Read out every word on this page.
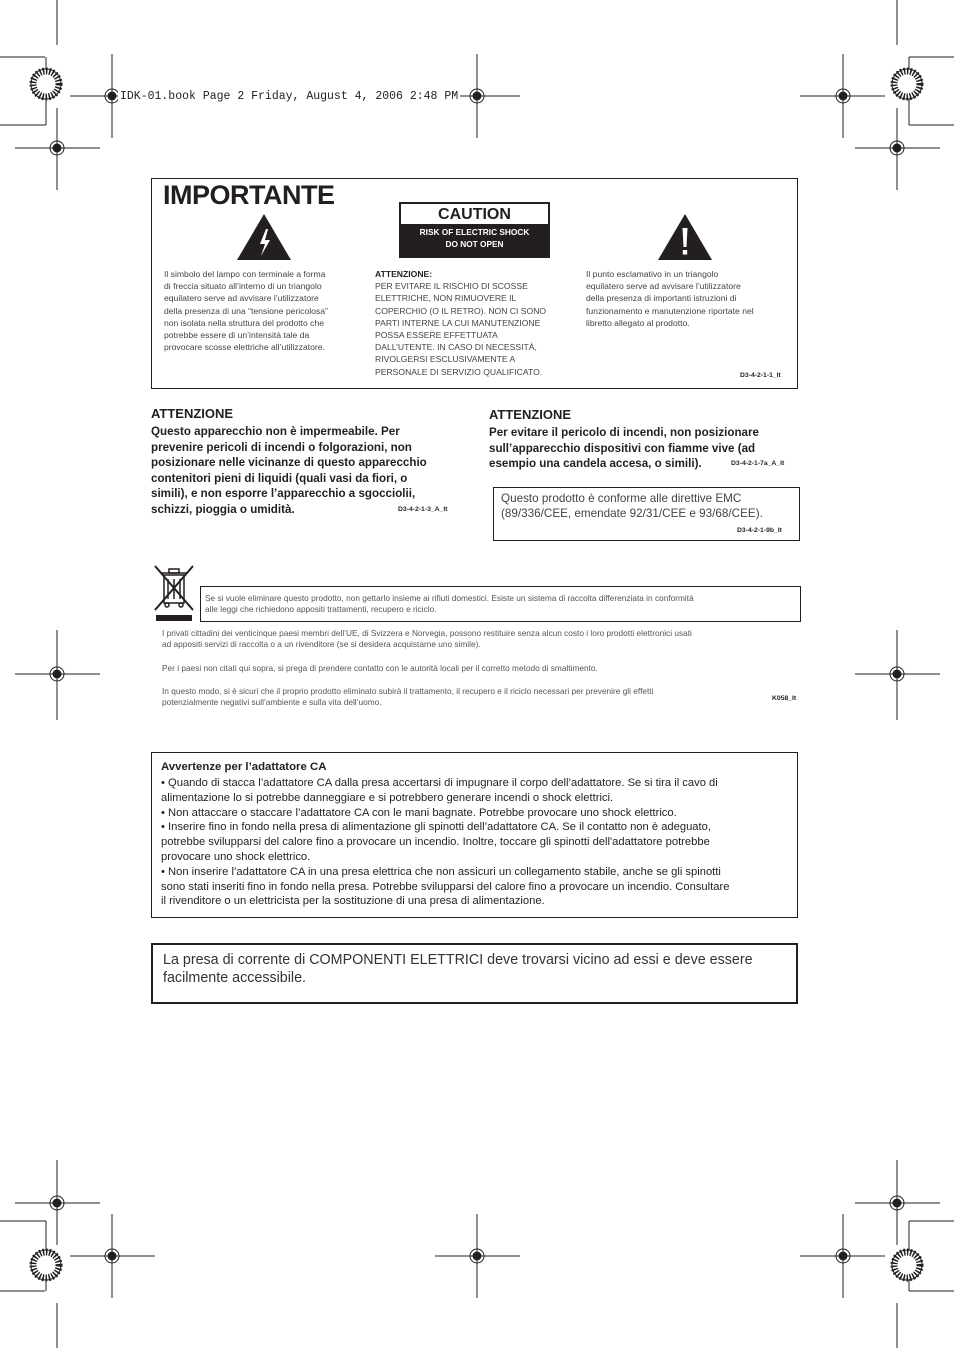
IDK-01.book Page 2 Friday, August 4, 2006 2:48 PM
IMPORTANTE
CAUTION
RISK OF ELECTRIC SHOCK
DO NOT OPEN
Il simbolo del lampo con terminale a forma
di freccia situato all’interno di un triangolo
equilatero serve ad avvisare l’utilizzatore
della presenza di una “tensione pericolosa”
non isolata nella struttura del prodotto che
potrebbe essere di un’intensità tale da
provocare scosse elettriche all’utilizzatore.
ATTENZIONE:
PER EVITARE IL RISCHIO DI SCOSSE
ELETTRICHE, NON RIMUOVERE IL
COPERCHIO (O IL RETRO). NON CI SONO
PARTI INTERNE LA CUI MANUTENZIONE
POSSA ESSERE EFFETTUATA
DALL’UTENTE. IN CASO DI NECESSITÀ,
RIVOLGERSI ESCLUSIVAMENTE A
PERSONALE DI SERVIZIO QUALIFICATO.
Il punto esclamativo in un triangolo
equilatero serve ad avvisare l’utilizzatore
della presenza di importanti istruzioni di
funzionamento e manutenzione riportate nel
libretto allegato al prodotto.
D3-4-2-1-1_It
ATTENZIONE
Questo apparecchio non è impermeabile. Per
prevenire pericoli di incendi o folgorazioni, non
posizionare nelle vicinanze di questo apparecchio
contenitori pieni di liquidi (quali vasi da fiori, o
simili), e non esporre l’apparecchio a sgocciolii,
schizzi, pioggia o umidità.	D3-4-2-1-3_A_It
ATTENZIONE
Per evitare il pericolo di incendi, non posizionare
sull’apparecchio dispositivi con fiamme vive (ad
esempio una candela accesa, o simili).	D3-4-2-1-7a_A_It
Questo prodotto è conforme alle direttive EMC
(89/336/CEE, emendate 92/31/CEE e 93/68/CEE).
D3-4-2-1-9b_It
Se si vuole eliminare questo prodotto, non gettarlo insieme ai rifiuti domestici. Esiste un sistema di raccolta differenziata in conformità
alle leggi che richiedono appositi trattamenti, recupero e riciclo.
I privati cittadini dei venticinque paesi membri dell’UE, di Svizzera e Norvegia, possono restituire senza alcun costo i loro prodotti elettronici usati
ad appositi servizi di raccolta o a un rivenditore (se si desidera acquistarne uno simile).
Per i paesi non citati qui sopra, si prega di prendere contatto con le autorità locali per il corretto metodo di smaltimento.
In questo modo, si è sicuri che il proprio prodotto eliminato subirà il trattamento, il recupero e il riciclo necessari per prevenire gli effetti
potenzialmente negativi sull’ambiente e sulla vita dell’uomo.	K058_It
Avvertenze per l’adattatore CA
• Quando di stacca l’adattatore CA dalla presa accertarsi di impugnare il corpo dell’adattatore. Se si tira il cavo di
alimentazione lo si potrebbe danneggiare e si potrebbero generare incendi o shock elettrici.
• Non attaccare o staccare l’adattatore CA con le mani bagnate. Potrebbe provocare uno shock elettrico.
• Inserire fino in fondo nella presa di alimentazione gli spinotti dell’adattatore CA. Se il contatto non è adeguato,
potrebbe svilupparsi del calore fino a provocare un incendio. Inoltre, toccare gli spinotti dell'adattatore potrebbe
provocare uno shock elettrico.
• Non inserire l’adattatore CA in una presa elettrica che non assicuri un collegamento stabile, anche se gli spinotti
sono stati inseriti fino in fondo nella presa. Potrebbe svilupparsi del calore fino a provocare un incendio. Consultare
il rivenditore o un elettricista per la sostituzione di una presa di alimentazione.
La presa di corrente di COMPONENTI ELETTRICI deve trovarsi vicino ad essi e deve essere
facilmente accessibile.
